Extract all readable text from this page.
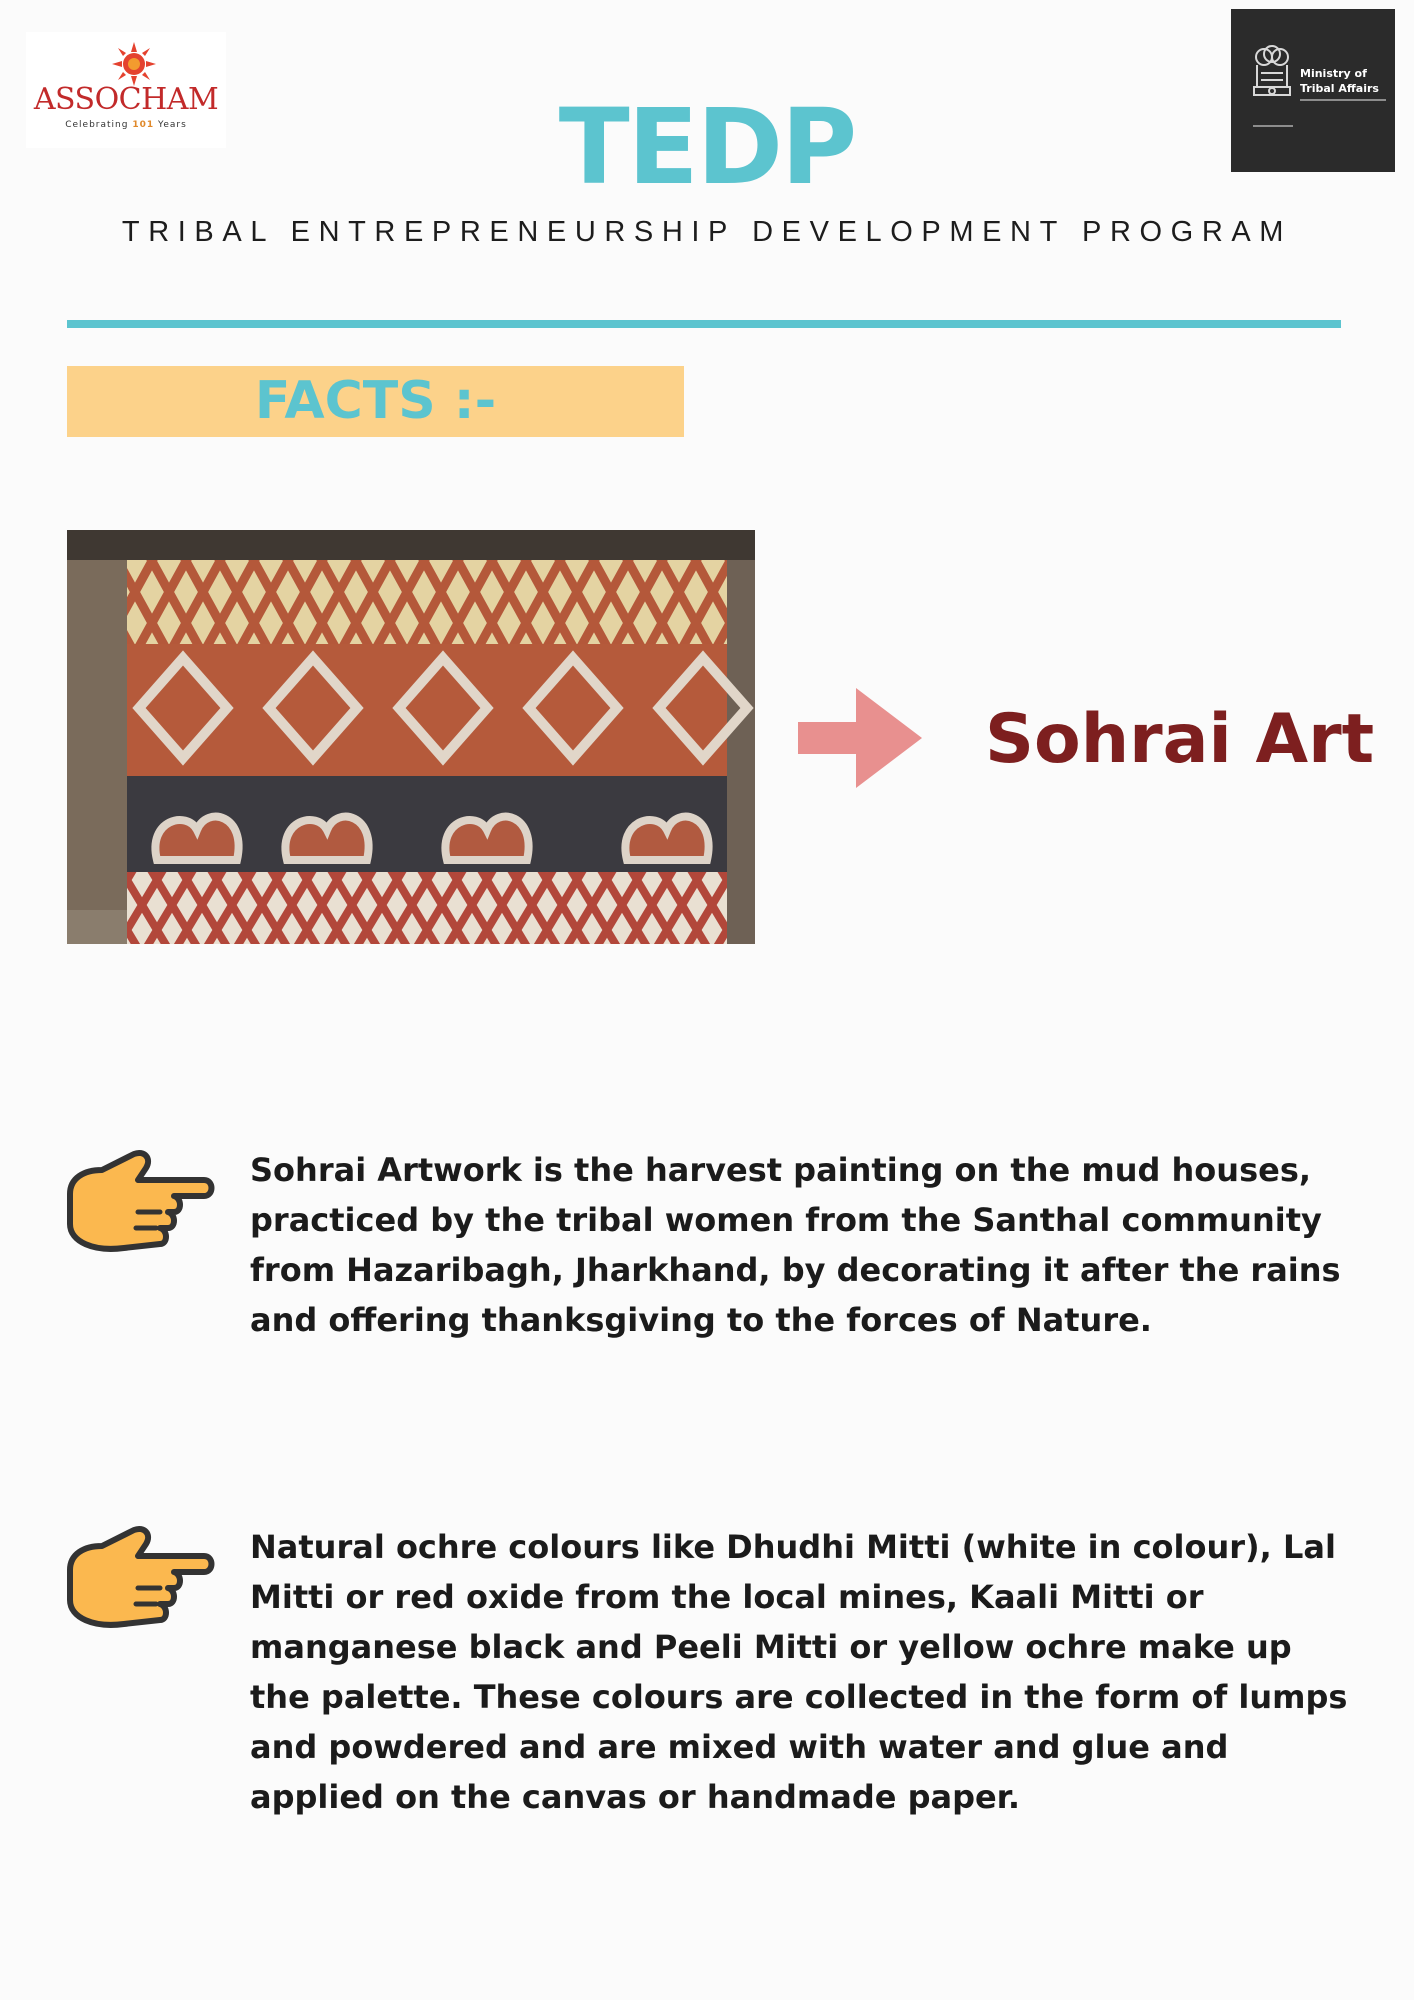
ASSOCHAM
Celebrating 101 Years
Ministry of
Tribal Affairs
TEDP
TRIBAL ENTREPRENEURSHIP DEVELOPMENT PROGRAM
FACTS :-
Sohrai Art
Sohrai Artwork is the harvest painting on the mud houses, practiced by the tribal women from the Santhal community from Hazaribagh, Jharkhand, by decorating it after the rains and offering thanksgiving to the forces of Nature.
Natural ochre colours like Dhudhi Mitti (white in colour), Lal Mitti or red oxide from the local mines, Kaali Mitti or manganese black and Peeli Mitti or yellow ochre make up the palette. These colours are collected in the form of lumps and powdered and are mixed with water and glue and applied on the canvas or handmade paper.
